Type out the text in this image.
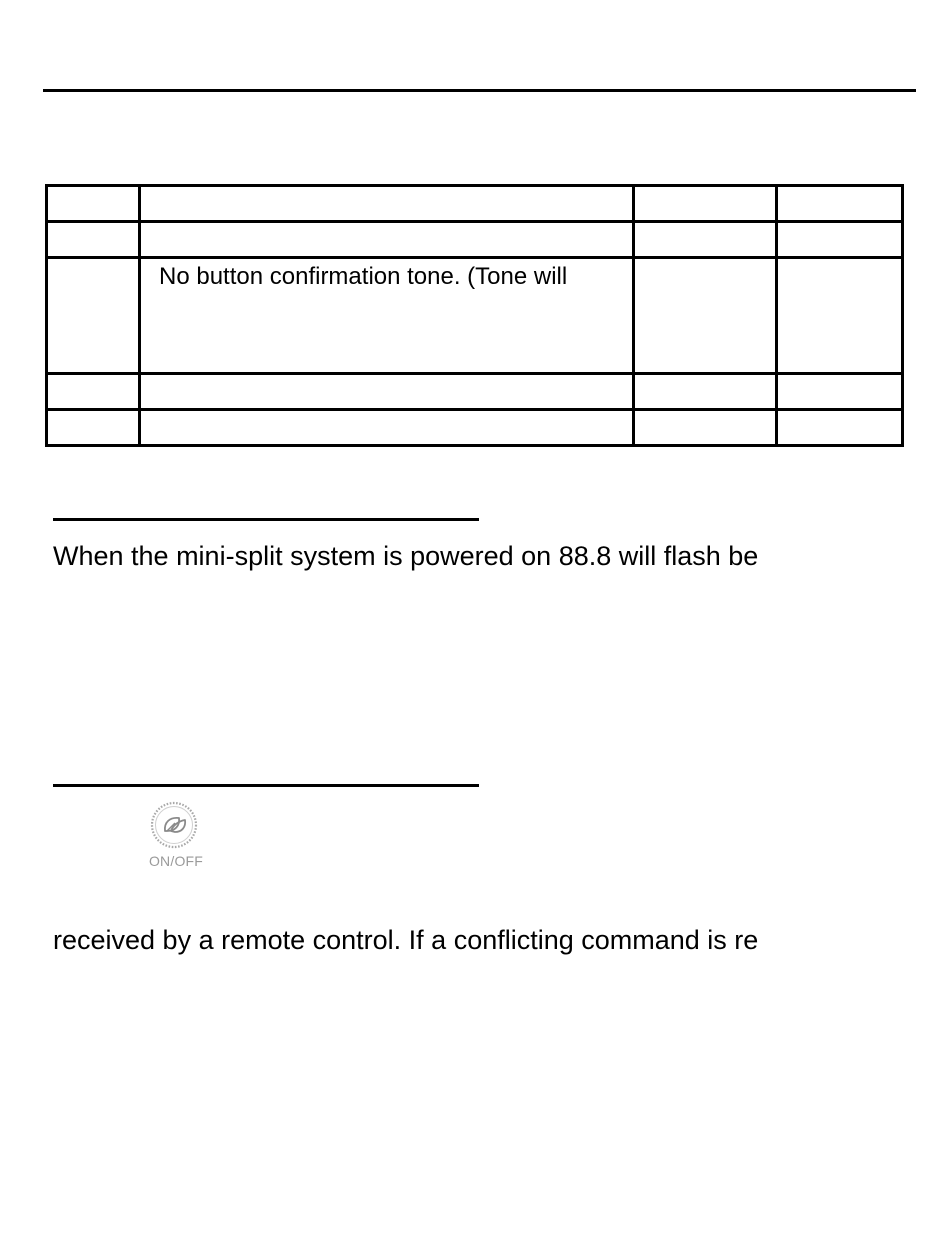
	No button confirmation tone. (Tone will		

When the mini-split system is powered on 88.8 will flash be
ON/OFF
received by a remote control. If a conflicting command is re
